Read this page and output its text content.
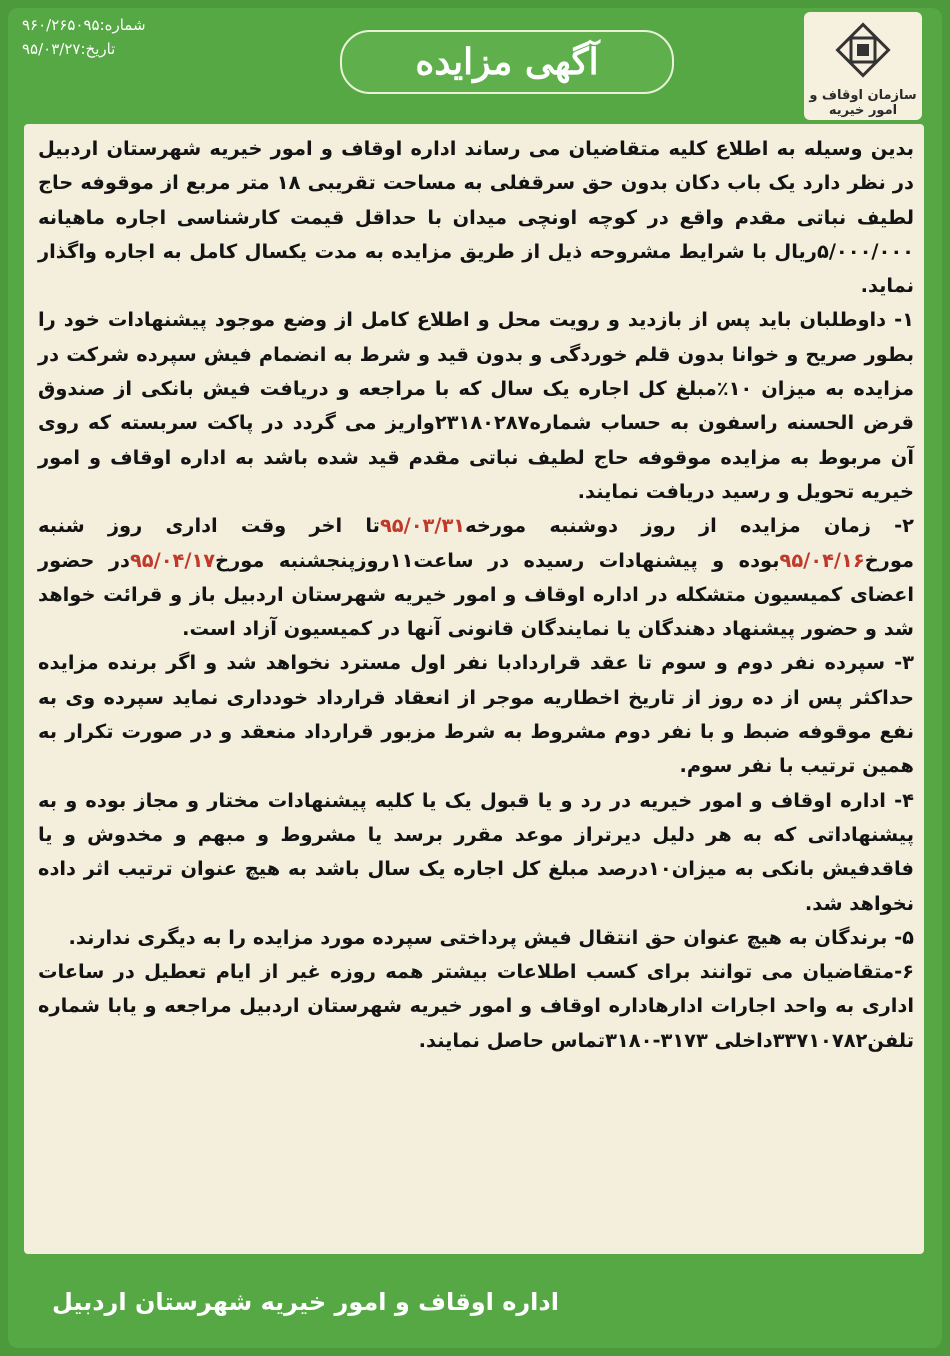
شماره:۹۶۰/۲۶۵۰۹۵
تاریخ:۹۵/۰۳/۲۷	آگهی مزایده
سازمان اوقاف و امور خیریه

بدین وسیله به اطلاع کلیه متقاضیان می رساند اداره اوقاف و امور خیریه شهرستان اردبیل در نظر دارد یک باب دکان بدون حق سرقفلی به مساحت تقریبی ۱۸ متر مربع از موقوفه حاج لطیف نباتی مقدم واقع در کوچه اونچی میدان با حداقل قیمت کارشناسی اجاره ماهیانه ۵/۰۰۰/۰۰۰ریال با شرایط مشروحه ذیل از طریق مزایده به مدت یکسال کامل به اجاره واگذار نماید.

۱- داوطلبان باید پس از بازدید و رویت محل و اطلاع کامل از وضع موجود پیشنهادات خود را بطور صریح و خوانا بدون قلم خوردگی و بدون قید و شرط به انضمام فیش سپرده شرکت در مزایده به میزان ۱۰٪مبلغ کل اجاره یک سال که با مراجعه و دریافت فیش بانکی از صندوق قرض الحسنه راسفون به حساب شماره۲۳۱۸۰۲۸۷واریز می گردد در پاکت سربسته که روی آن مربوط به مزایده موقوفه حاج لطیف نباتی مقدم قید شده باشد به اداره اوقاف و امور خیریه تحویل و رسید دریافت نمایند.

۲- زمان مزایده از روز دوشنبه مورخه۹۵/۰۳/۳۱تا اخر وقت اداری روز شنبه مورخ۹۵/۰۴/۱۶بوده و پیشنهادات رسیده در ساعت۱۱روزپنجشنبه مورخ۹۵/۰۴/۱۷در حضور اعضای کمیسیون متشکله در اداره اوقاف و امور خیریه شهرستان اردبیل باز و قرائت خواهد شد و حضور پیشنهاد دهندگان یا نمایندگان قانونی آنها در کمیسیون آزاد است.

۳- سپرده نفر دوم و سوم تا عقد قراردادبا نفر اول مسترد نخواهد شد و اگر برنده مزایده حداکثر پس از ده روز از تاریخ اخطاریه موجر از انعقاد قرارداد خودداری نماید سپرده وی به نفع موقوفه ضبط و با نفر دوم مشروط به شرط مزبور قرارداد منعقد و در صورت تکرار به همین ترتیب با نفر سوم.

۴- اداره اوقاف و امور خیریه در رد و یا قبول یک یا کلیه پیشنهادات مختار و مجاز بوده و به پیشنهاداتی که به هر دلیل دیرتراز موعد مقرر برسد یا مشروط و مبهم و مخدوش و یا فاقدفیش بانکی به میزان۱۰درصد مبلغ کل اجاره یک سال باشد به هیچ عنوان ترتیب اثر داده نخواهد شد.

۵- برندگان به هیچ عنوان حق انتقال فیش پرداختی سپرده مورد مزایده را به دیگری ندارند.

۶-متقاضیان می توانند برای کسب اطلاعات بیشتر همه روزه غیر از ایام تعطیل در ساعات اداری به واحد اجارات ادارهاداره اوقاف و امور خیریه شهرستان اردبیل مراجعه و یابا شماره تلفن۳۳۷۱۰۷۸۲داخلی ۳۱۷۳-۳۱۸۰تماس حاصل نمایند.

اداره اوقاف و امور خیریه شهرستان اردبیل
